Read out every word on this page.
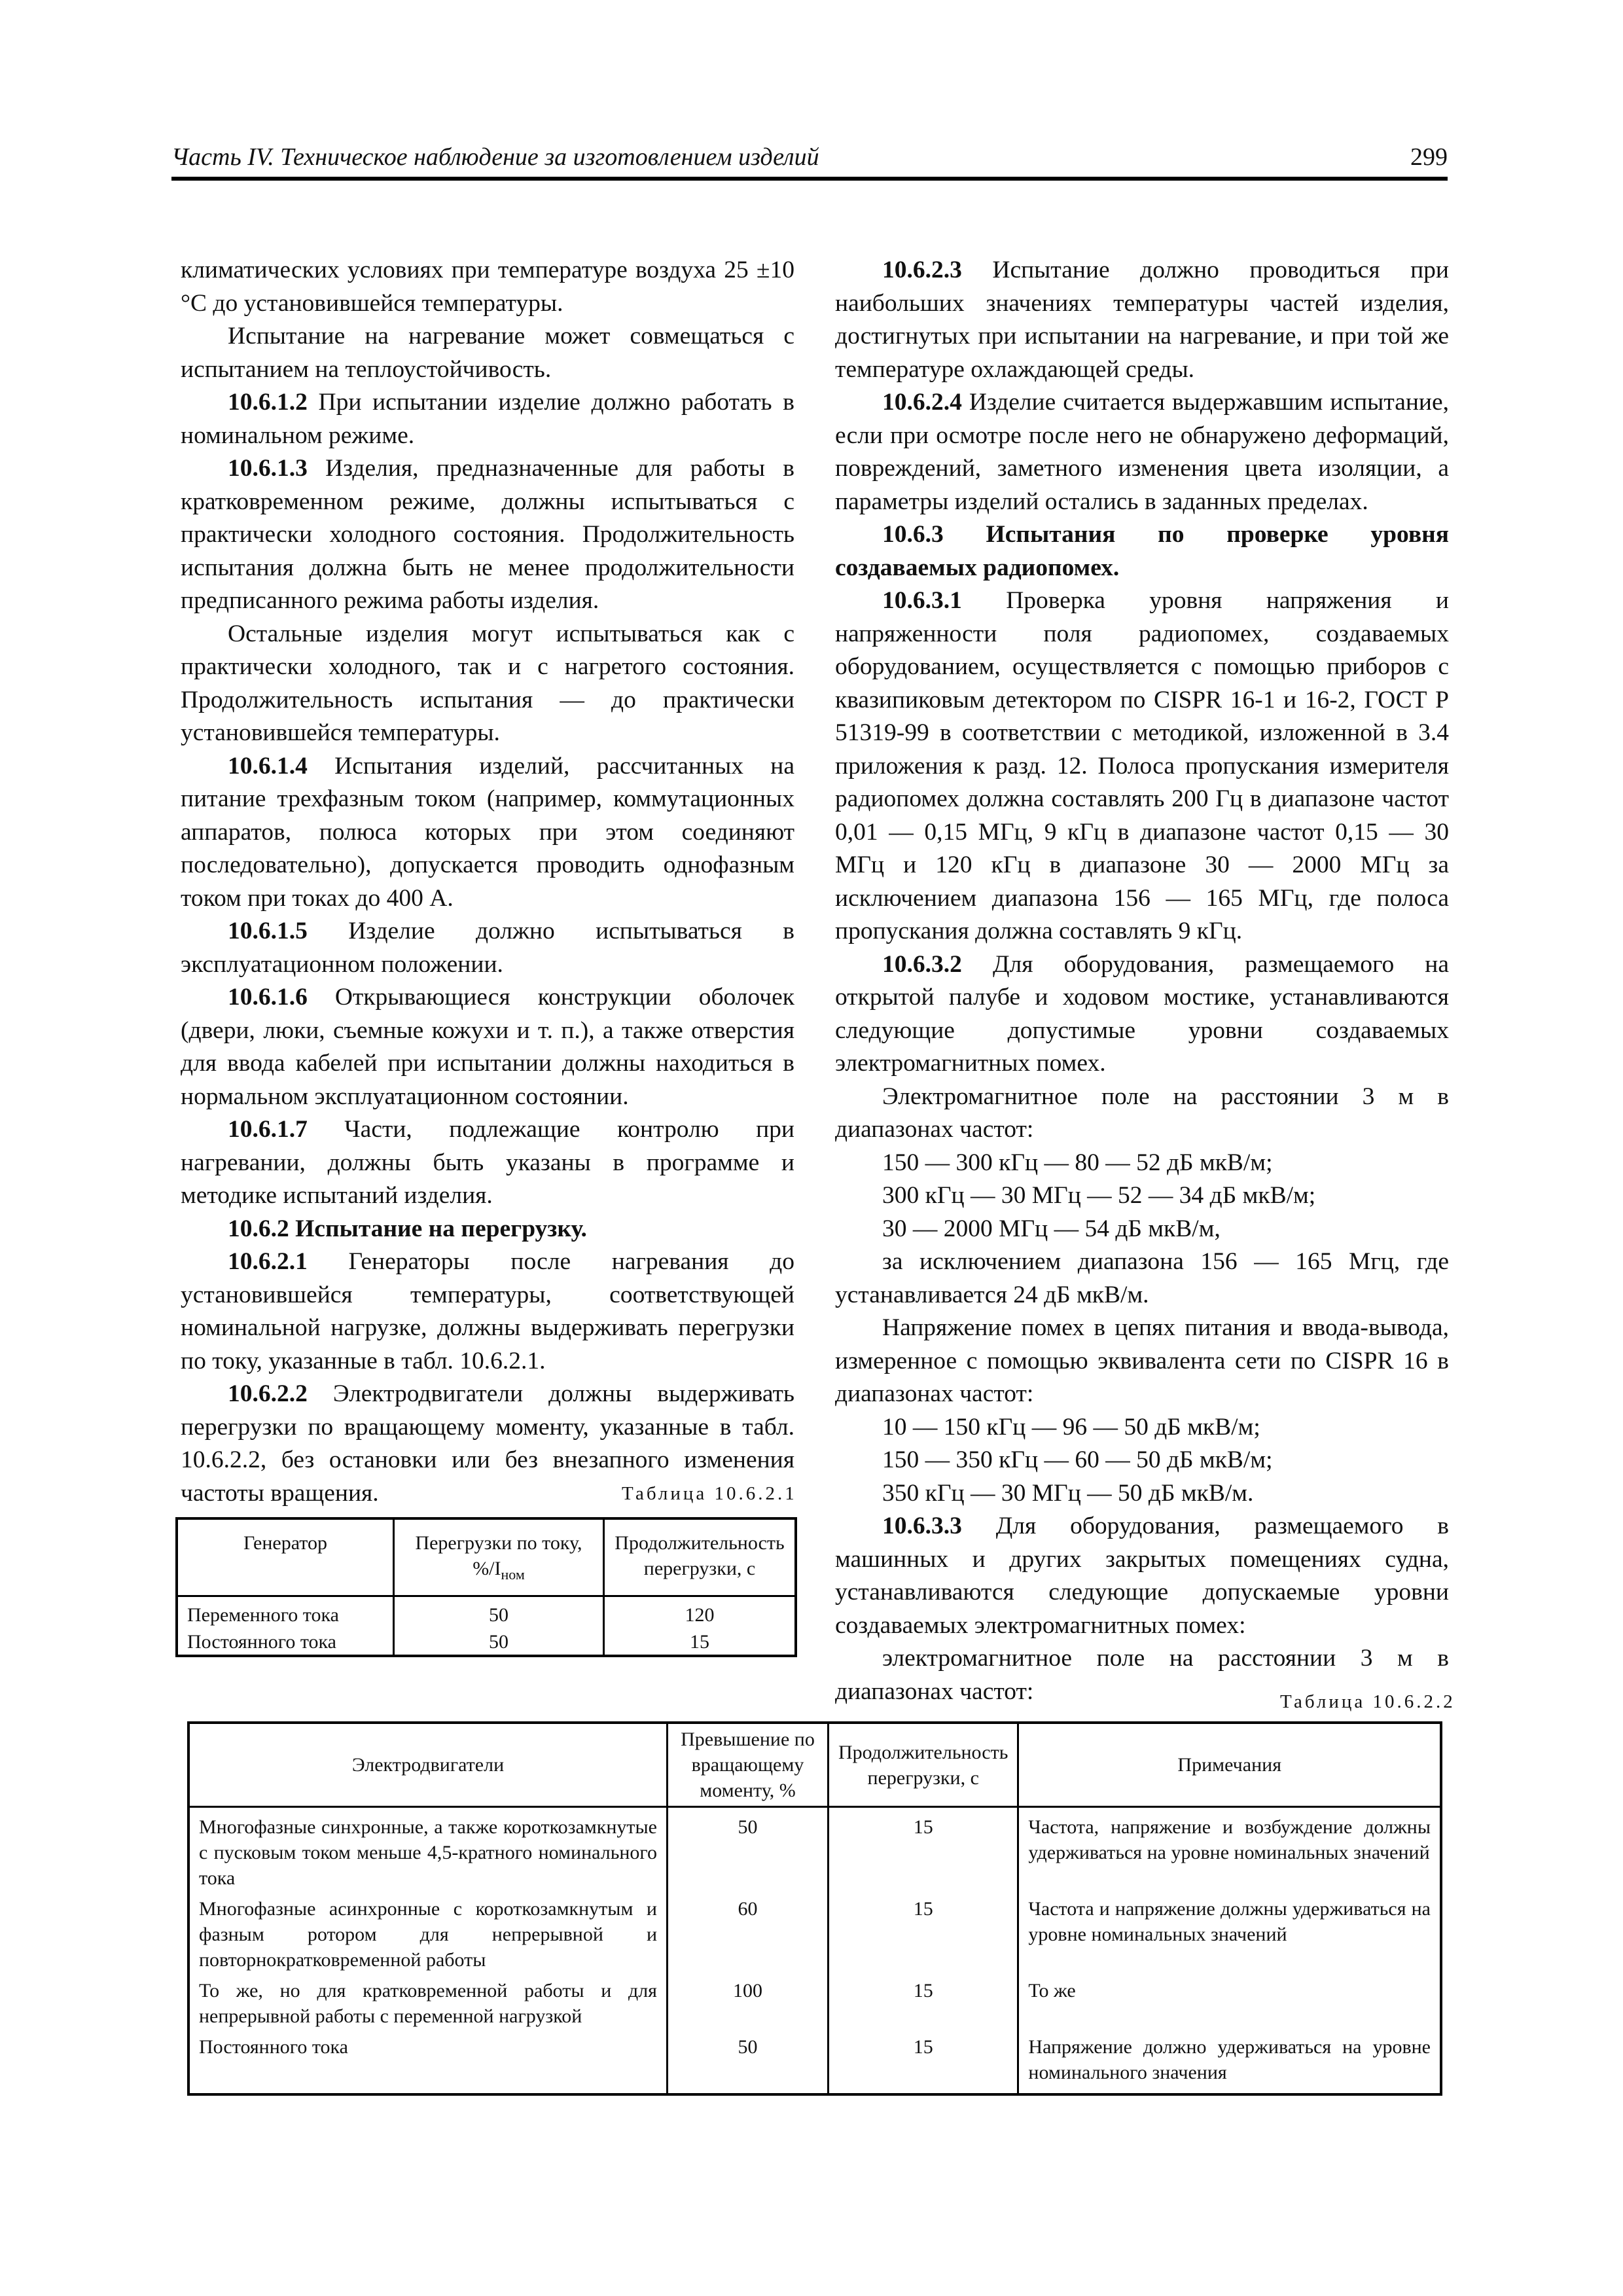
Часть IV. Техническое наблюдение за изготовлением изделий	299

климатических условиях при температуре воздуха 25 ±10 °С до установившейся температуры.

Испытание на нагревание может совмещаться с испытанием на теплоустойчивость.

10.6.1.2 При испытании изделие должно работать в номинальном режиме.

10.6.1.3 Изделия, предназначенные для работы в кратковременном режиме, должны испытываться с практически холодного состояния. Продолжительность испытания должна быть не менее продолжительности предписанного режима работы изделия.

Остальные изделия могут испытываться как с практически холодного, так и с нагретого состояния. Продолжительность испытания — до практически установившейся температуры.

10.6.1.4 Испытания изделий, рассчитанных на питание трехфазным током (например, коммутационных аппаратов, полюса которых при этом соединяют последовательно), допускается проводить однофазным током при токах до 400 А.

10.6.1.5 Изделие должно испытываться в эксплуатационном положении.

10.6.1.6 Открывающиеся конструкции оболочек (двери, люки, съемные кожухи и т. п.), а также отверстия для ввода кабелей при испытании должны находиться в нормальном эксплуатационном состоянии.

10.6.1.7 Части, подлежащие контролю при нагревании, должны быть указаны в программе и методике испытаний изделия.

10.6.2 Испытание на перегрузку.

10.6.2.1 Генераторы после нагревания до установившейся температуры, соответствующей номинальной нагрузке, должны выдерживать перегрузки по току, указанные в табл. 10.6.2.1.

10.6.2.2 Электродвигатели должны выдерживать перегрузки по вращающему моменту, указанные в табл. 10.6.2.2, без остановки или без внезапного изменения частоты вращения.	Таблица 10.6.2.1
Генератор	Перегрузки по току, $\%/I_{ном}$	Продолжительность перегрузки, с
Переменного тока	50	120
Постоянного тока	50	15

10.6.2.3 Испытание должно проводиться при наибольших значениях температуры частей изделия, достигнутых при испытании на нагревание, и при той же температуре охлаждающей среды.

10.6.2.4 Изделие считается выдержавшим испытание, если при осмотре после него не обнаружено деформаций, повреждений, заметного изменения цвета изоляции, а параметры изделий остались в заданных пределах.

10.6.3 Испытания по проверке уровня создаваемых радиопомех.

10.6.3.1 Проверка уровня напряжения и напряженности поля радиопомех, создаваемых оборудованием, осуществляется с помощью приборов с квазипиковым детектором по CISPR 16-1 и 16-2, ГОСТ Р 51319-99 в соответствии с методикой, изложенной в 3.4 приложения к разд. 12. Полоса пропускания измерителя радиопомех должна составлять 200 Гц в диапазоне частот 0,01 — 0,15 МГц, 9 кГц в диапазоне частот 0,15 — 30 МГц и 120 кГц в диапазоне 30 — 2000 МГц за исключением диапазона 156 — 165 МГц, где полоса пропускания должна составлять 9 кГц.

10.6.3.2 Для оборудования, размещаемого на открытой палубе и ходовом мостике, устанавливаются следующие допустимые уровни создаваемых электромагнитных помех.

Электромагнитное поле на расстоянии 3 м в диапазонах частот:

150 — 300 кГц — 80 — 52 дБ мкВ/м;

300 кГц — 30 МГц — 52 — 34 дБ мкВ/м;

30 — 2000 МГц — 54 дБ мкВ/м,

за исключением диапазона 156 — 165 Мгц, где устанавливается 24 дБ мкВ/м.

Напряжение помех в цепях питания и ввода-вывода, измеренное с помощью эквивалента сети по CISPR 16 в диапазонах частот:

10 — 150 кГц — 96 — 50 дБ мкВ/м;

150 — 350 кГц — 60 — 50 дБ мкВ/м;

350 кГц — 30 МГц — 50 дБ мкВ/м.

10.6.3.3 Для оборудования, размещаемого в машинных и других закрытых помещениях судна, устанавливаются следующие допускаемые уровни создаваемых электромагнитных помех:

электромагнитное поле на расстоянии 3 м в диапазонах частот:	Таблица 10.6.2.2
Электродвигатели	Превышение по вращающему моменту, %	Продолжительность перегрузки, с	Примечания
Многофазные синхронные, а также короткозамкнутые с пусковым током меньше 4,5-кратного номинального тока	50	15	Частота, напряжение и возбуждение должны удерживаться на уровне номинальных значений
Многофазные асинхронные с короткозамкнутым и фазным ротором для непрерывной и повторнократковременной работы	60	15	Частота и напряжение должны удерживаться на уровне номинальных значений
То же, но для кратковременной работы и для непрерывной работы с переменной нагрузкой	100	15	То же
Постоянного тока	50	15	Напряжение должно удерживаться на уровне номинального значения
